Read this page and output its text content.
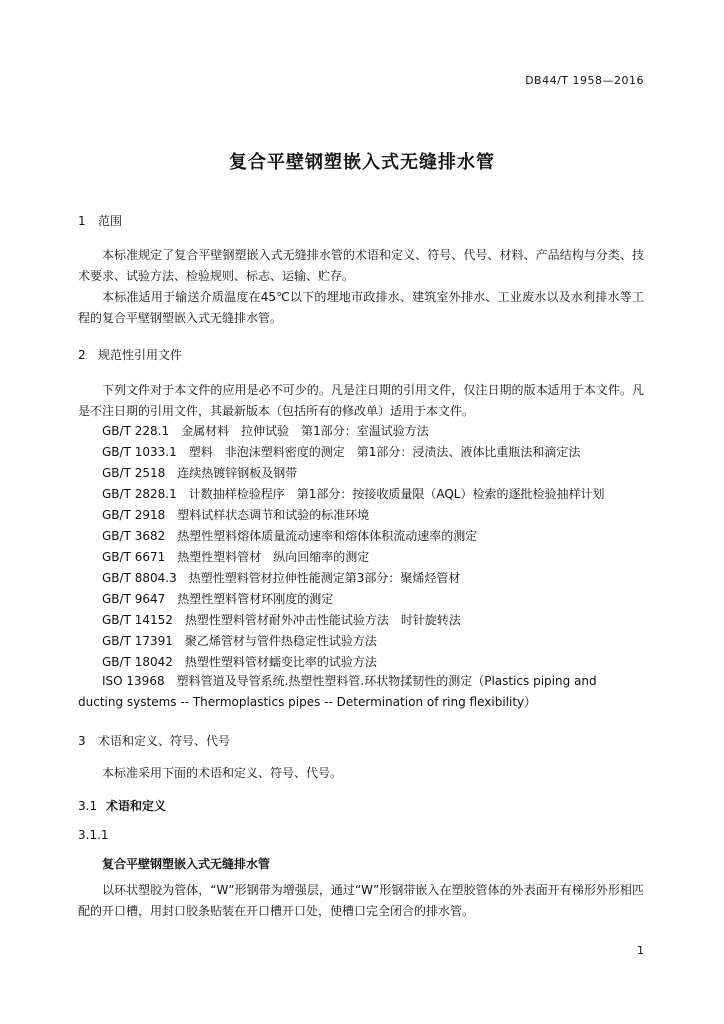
DB44/T 1958—2016
复合平壁钢塑嵌入式无缝排水管
1 范围
本标准规定了复合平壁钢塑嵌入式无缝排水管的术语和定义、符号、代号、材料、产品结构与分类、技术要求、试验方法、检验规则、标志、运输、贮存。
本标准适用于输送介质温度在45℃以下的埋地市政排水、建筑室外排水、工业废水以及水利排水等工程的复合平壁钢塑嵌入式无缝排水管。
2 规范性引用文件
下列文件对于本文件的应用是必不可少的。凡是注日期的引用文件，仅注日期的版本适用于本文件。凡是不注日期的引用文件，其最新版本（包括所有的修改单）适用于本文件。
GB/T 228.1　金属材料　拉伸试验　第1部分：室温试验方法
GB/T 1033.1　塑料　非泡沫塑料密度的测定　第1部分：浸渍法、液体比重瓶法和滴定法
GB/T 2518　连续热镀锌钢板及钢带
GB/T 2828.1　计数抽样检验程序　第1部分：按接收质量限（AQL）检索的逐批检验抽样计划
GB/T 2918　塑料试样状态调节和试验的标准环境
GB/T 3682　热塑性塑料熔体质量流动速率和熔体体积流动速率的测定
GB/T 6671　热塑性塑料管材　纵向回缩率的测定
GB/T 8804.3　热塑性塑料管材拉伸性能测定第3部分：聚烯烃管材
GB/T 9647　热塑性塑料管材环刚度的测定
GB/T 14152　热塑性塑料管材耐外冲击性能试验方法　时针旋转法
GB/T 17391　聚乙烯管材与管件热稳定性试验方法
GB/T 18042　热塑性塑料管材蠕变比率的试验方法
ISO 13968　塑料管道及导管系统.热塑性塑料管.环状物揉韧性的测定（Plastics piping and ducting systems -- Thermoplastics pipes -- Determination of ring flexibility）
3 术语和定义、符号、代号
本标准采用下面的术语和定义、符号、代号。
3.1 术语和定义
3.1.1
复合平壁钢塑嵌入式无缝排水管
以环状塑胶为管体，“W”形钢带为增强层，通过“W”形钢带嵌入在塑胶管体的外表面开有梯形外形相匹配的开口槽，用封口胶条贴装在开口槽开口处，使槽口完全闭合的排水管。
1
